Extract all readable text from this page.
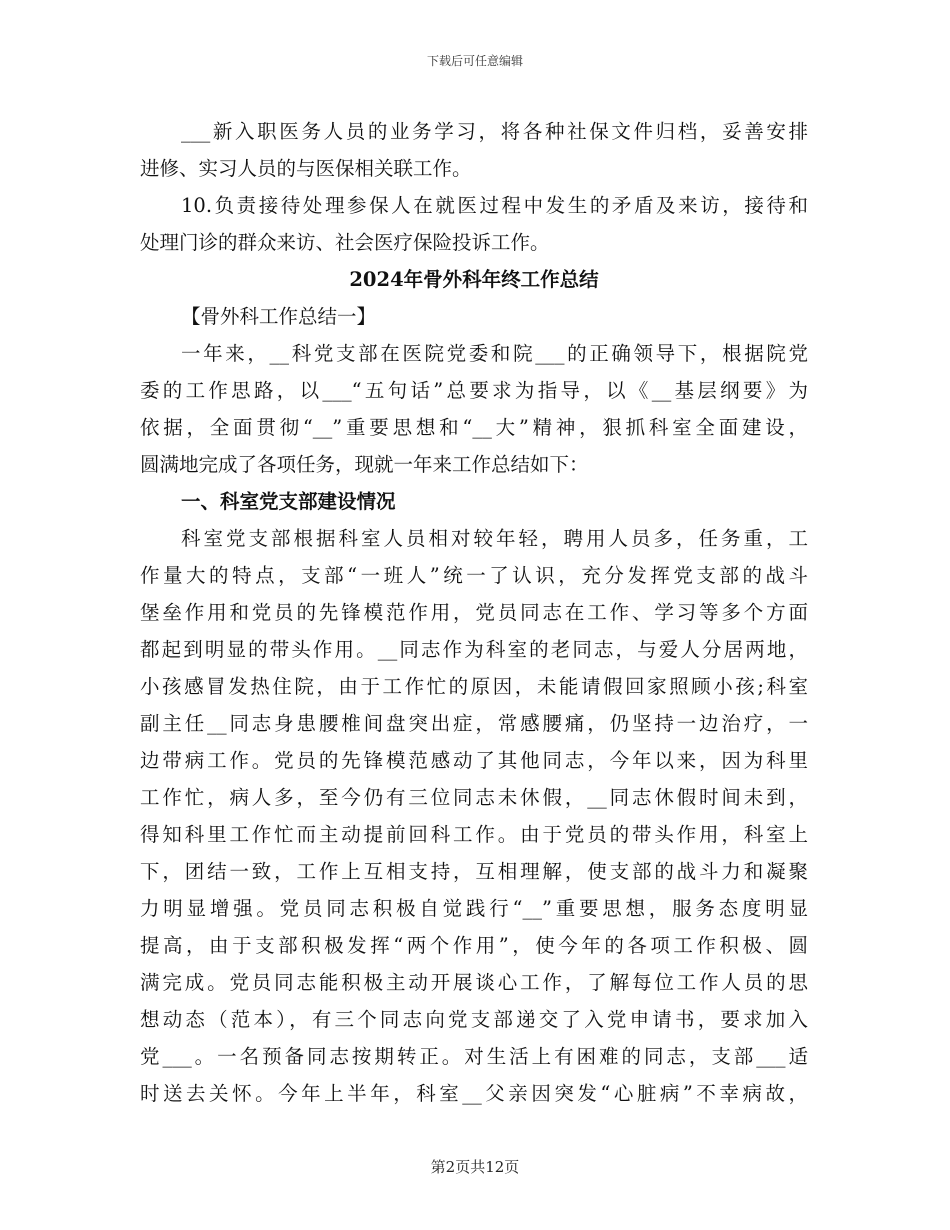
下载后可任意编辑
___新入职医务人员的业务学习，将各种社保文件归档，妥善安排
进修、实习人员的与医保相关联工作。
10.负责接待处理参保人在就医过程中发生的矛盾及来访，接待和
处理门诊的群众来访、社会医疗保险投诉工作。
2024年骨外科年终工作总结
【骨外科工作总结一】
一年来，__科党支部在医院党委和院___的正确领导下，根据院党
委的工作思路，以___“五句话”总要求为指导，以《__基层纲要》为
依据，全面贯彻“__”重要思想和“__大”精神，狠抓科室全面建设，
圆满地完成了各项任务，现就一年来工作总结如下：
一、科室党支部建设情况
科室党支部根据科室人员相对较年轻，聘用人员多，任务重，工
作量大的特点，支部“一班人”统一了认识，充分发挥党支部的战斗
堡垒作用和党员的先锋模范作用，党员同志在工作、学习等多个方面
都起到明显的带头作用。__同志作为科室的老同志，与爱人分居两地，
小孩感冒发热住院，由于工作忙的原因，未能请假回家照顾小孩;科室
副主任__同志身患腰椎间盘突出症，常感腰痛，仍坚持一边治疗，一
边带病工作。党员的先锋模范感动了其他同志，今年以来，因为科里
工作忙，病人多，至今仍有三位同志未休假，__同志休假时间未到，
得知科里工作忙而主动提前回科工作。由于党员的带头作用，科室上
下，团结一致，工作上互相支持，互相理解，使支部的战斗力和凝聚
力明显增强。党员同志积极自觉践行“__”重要思想，服务态度明显
提高，由于支部积极发挥“两个作用”，使今年的各项工作积极、圆
满完成。党员同志能积极主动开展谈心工作，了解每位工作人员的思
想动态（范本），有三个同志向党支部递交了入党申请书，要求加入
党___。一名预备同志按期转正。对生活上有困难的同志，支部___适
时送去关怀。今年上半年，科室__父亲因突发“心脏病”不幸病故，
第2页共12页
